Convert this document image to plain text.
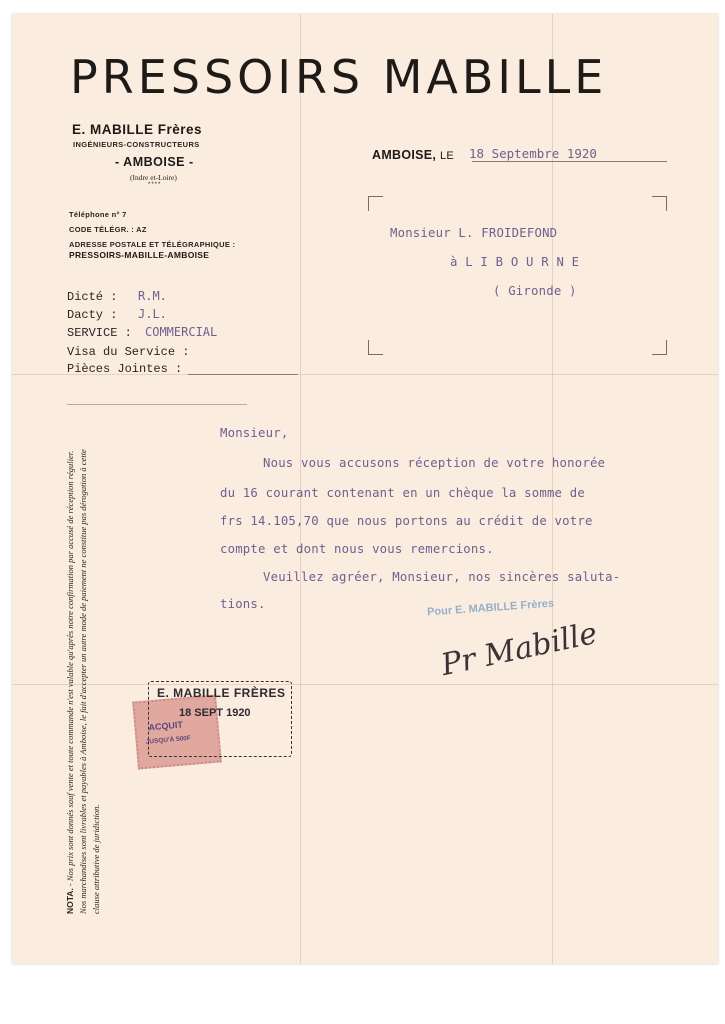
PRESSOIRS MABILLE
E. MABILLE Frères
INGÉNIEURS-CONSTRUCTEURS
- AMBOISE -
(Indre et-Loire)
****
Téléphone n° 7
CODE TÉLÉGR. : AZ
ADRESSE POSTALE ET TÉLÉGRAPHIQUE :
PRESSOIRS-MABILLE-AMBOISE
Dicté : R.M.
Dacty : J.L.
SERVICE : COMMERCIAL
Visa du Service :
Pièces Jointes :
AMBOISE, LE 18 Septembre 1920
Monsieur L. FROIDEFOND
à L I B O U R N E
( Gironde )
Monsieur,
Nous vous accusons réception de votre honorée
du 16 courant contenant en un chèque la somme de
frs 14.105,70 que nous portons au crédit de votre
compte et dont nous vous remercions.
Veuillez agréer, Monsieur, nos sincères saluta-
tions.	Pour E. MABILLE Frères
Pr Mabille
ACQUIT
JUSQU'À 500F
E. MABILLE FRÈRES
18 SEPT 1920
NOTA. - Nos prix sont donnés sauf vente et toute commande n'est valable qu'après notre confirmation par accusé de réception régulier. Nos marchandises sont livrables et payables à Amboise, le fait d'accepter un autre mode de paiement ne constitue pas dérogation à cette clause attributive de juridiction.
